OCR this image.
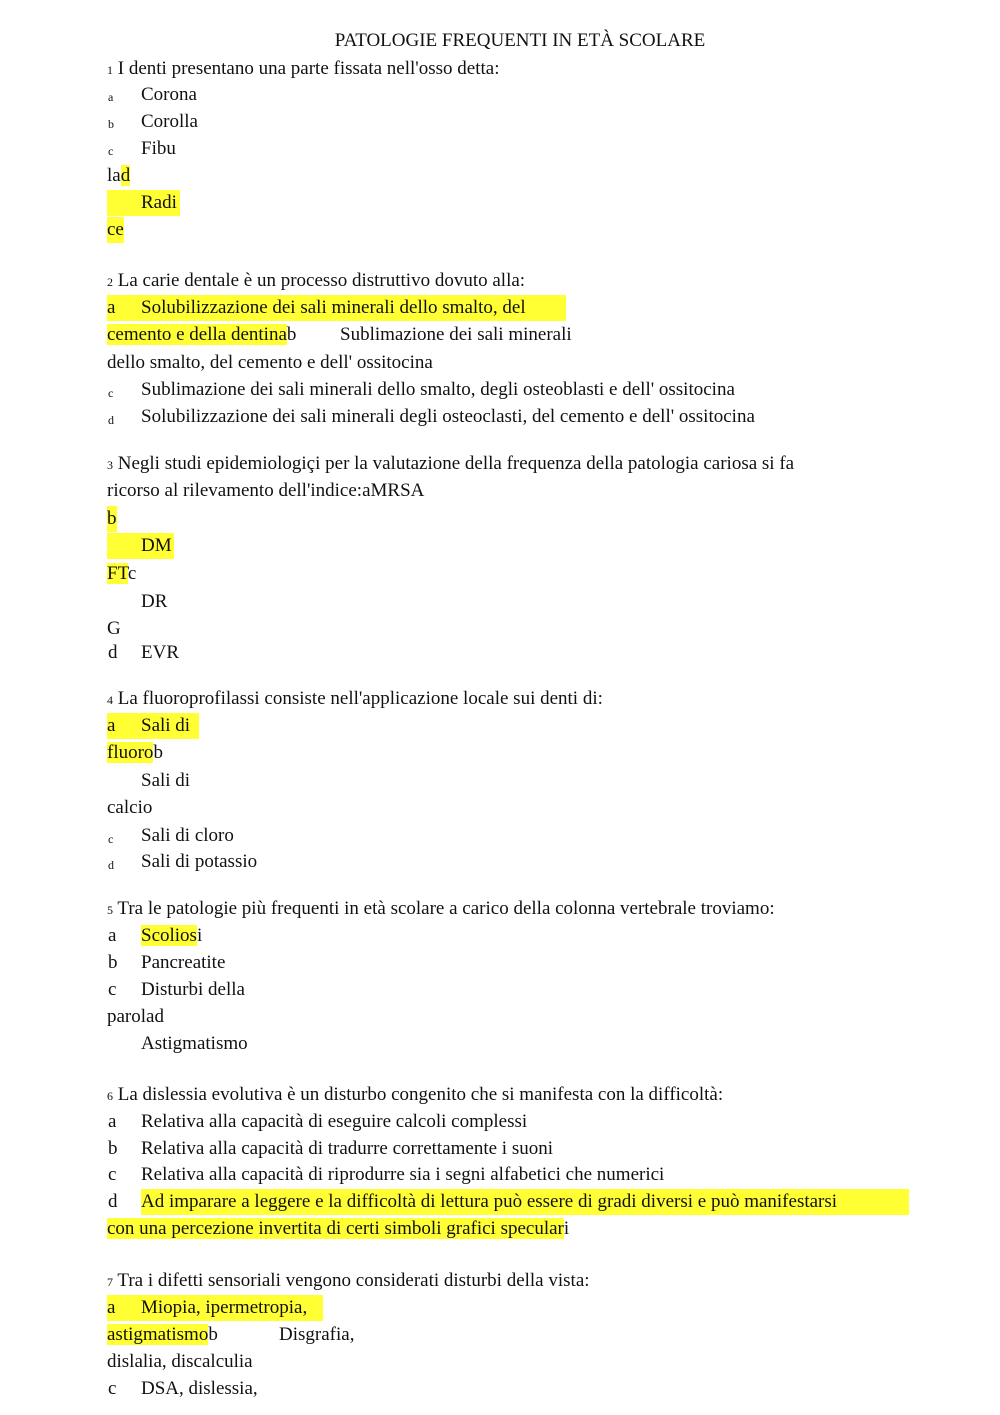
PATOLOGIE FREQUENTI IN ETÀ SCOLARE
1 I denti presentano una parte fissata nell'osso detta:
a Corona
b Corolla
c Fibu
lad
Radi
ce
2 La carie dentale è un processo distruttivo dovuto alla:
a Solubilizzazione dei sali minerali dello smalto, del
cemento e della dentinab Sublimazione dei sali minerali
dello smalto, del cemento e dell' ossitocina
c Sublimazione dei sali minerali dello smalto, degli osteoblasti e dell' ossitocina
d Solubilizzazione dei sali minerali degli osteoclasti, del cemento e dell' ossitocina
3 Negli studi epidemiologiçi per la valutazione della frequenza della patologia cariosa si fa
ricorso al rilevamento dell'indice:aMRSA
b
DM
FTc
DR
G
d EVR
4 La fluoroprofilassi consiste nell'applicazione locale sui denti di:
a Sali di
fluorob
Sali di
calcio
c Sali di cloro
d Sali di potassio
5 Tra le patologie più frequenti in età scolare a carico della colonna vertebrale troviamo:
a Scoliosi
b Pancreatite
c Disturbi della
parolad
Astigmatismo
6 La dislessia evolutiva è un disturbo congenito che si manifesta con la difficoltà:
a Relativa alla capacità di eseguire calcoli complessi
b Relativa alla capacità di tradurre correttamente i suoni
c Relativa alla capacità di riprodurre sia i segni alfabetici che numerici
d Ad imparare a leggere e la difficoltà di lettura può essere di gradi diversi e può manifestarsi
con una percezione invertita di certi simboli grafici speculari
7 Tra i difetti sensoriali vengono considerati disturbi della vista:
a Miopia, ipermetropia,
astigmatismob	Disgrafia,
dislalia, discalculia
c DSA, dislessia,
